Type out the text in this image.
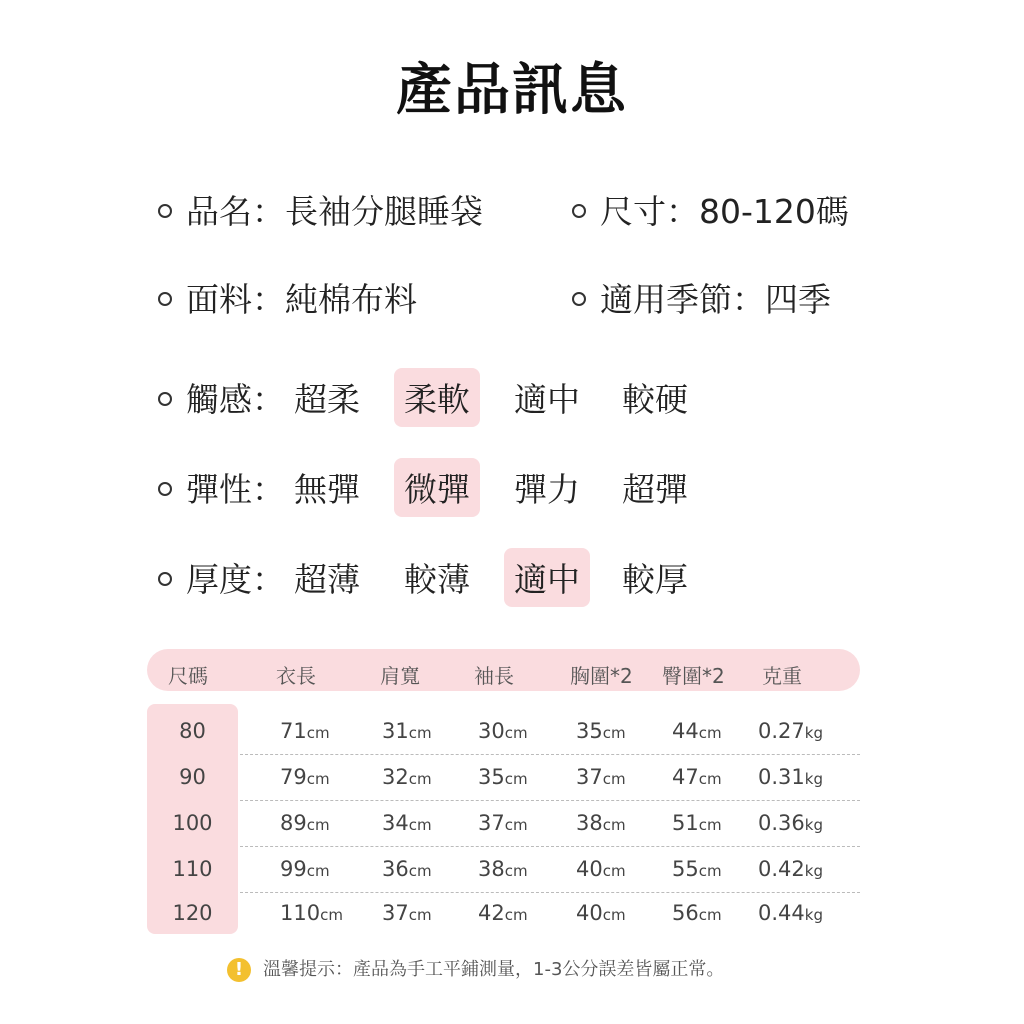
產品訊息
品名：長袖分腿睡袋	尺寸：80-120碼
面料：純棉布料	適用季節：四季
觸感： 超柔	柔軟	適中	較硬
彈性： 無彈	微彈	彈力	超彈
厚度： 超薄	較薄	適中	較厚
尺碼	衣長	肩寬	袖長	胸圍*2 臀圍*2 克重
80	71cm 31cm 30cm 35cm 44cm 0.27kg
90	79cm 32cm 35cm 37cm 47cm 0.31kg
100	89cm 34cm 37cm 38cm 51cm 0.36kg
110	99cm 36cm 38cm 40cm 55cm 0.42kg
120	110cm 37cm 42cm 40cm 56cm 0.44kg
! 溫馨提示：產品為手工平鋪測量，1-3公分誤差皆屬正常。
